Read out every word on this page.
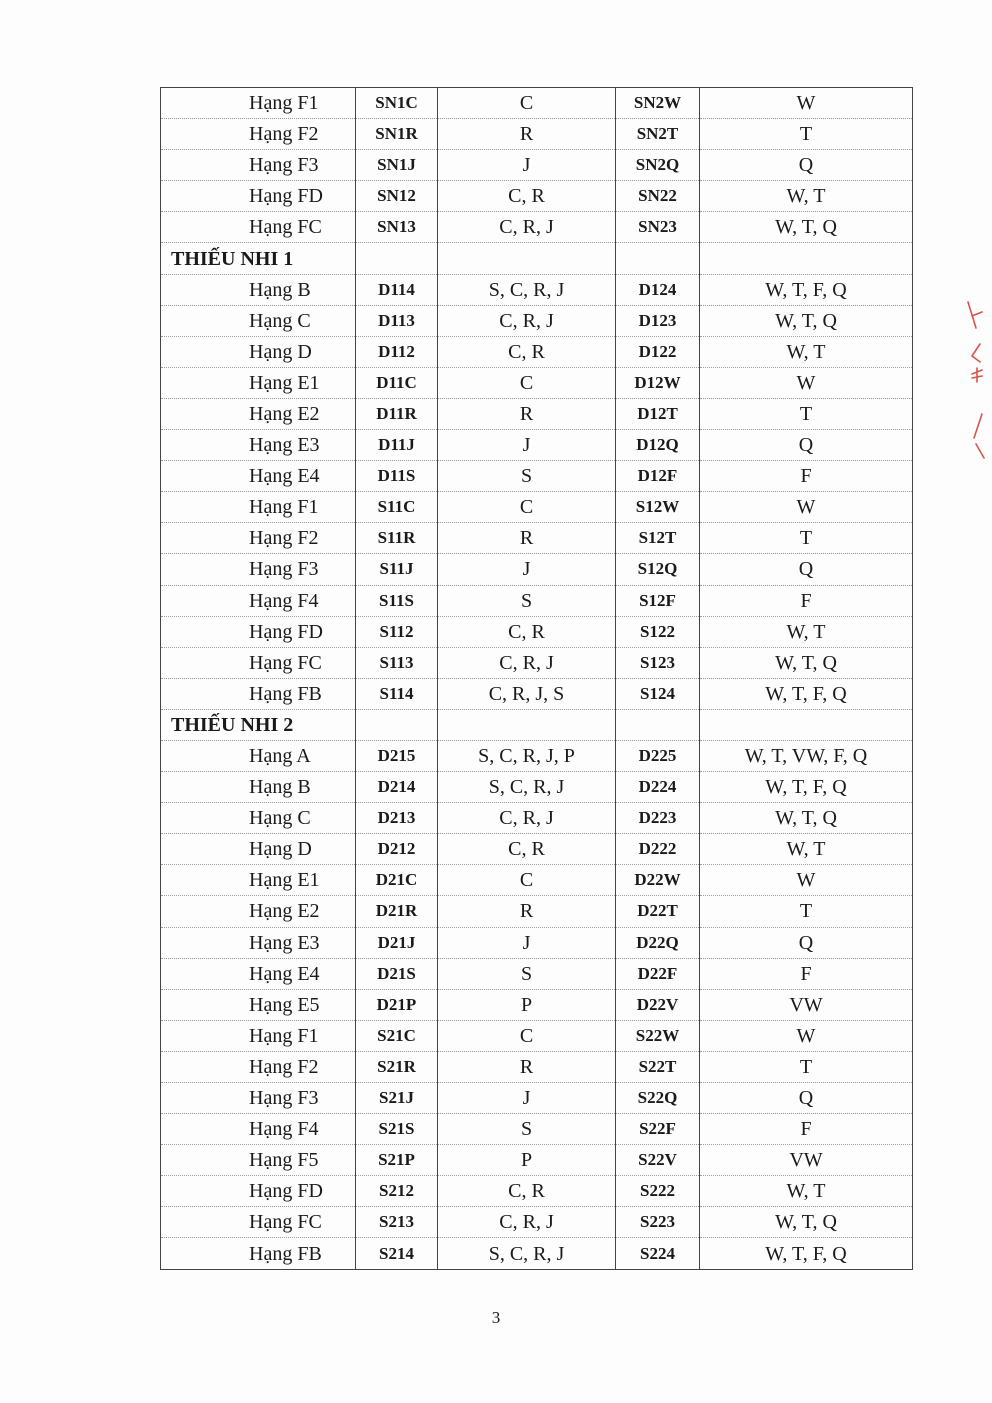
Hạng F1	SN1C	C	SN2W	W
Hạng F2	SN1R	R	SN2T	T
Hạng F3	SN1J	J	SN2Q	Q
Hạng FD	SN12	C, R	SN22	W, T
Hạng FC	SN13	C, R, J	SN23	W, T, Q
THIẾU NHI 1				
Hạng B	D114	S, C, R, J	D124	W, T, F, Q
Hạng C	D113	C, R, J	D123	W, T, Q
Hạng D	D112	C, R	D122	W, T
Hạng E1	D11C	C	D12W	W
Hạng E2	D11R	R	D12T	T
Hạng E3	D11J	J	D12Q	Q
Hạng E4	D11S	S	D12F	F
Hạng F1	S11C	C	S12W	W
Hạng F2	S11R	R	S12T	T
Hạng F3	S11J	J	S12Q	Q
Hạng F4	S11S	S	S12F	F
Hạng FD	S112	C, R	S122	W, T
Hạng FC	S113	C, R, J	S123	W, T, Q
Hạng FB	S114	C, R, J, S	S124	W, T, F, Q
THIẾU NHI 2				
Hạng A	D215	S, C, R, J, P	D225	W, T, VW, F, Q
Hạng B	D214	S, C, R, J	D224	W, T, F, Q
Hạng C	D213	C, R, J	D223	W, T, Q
Hạng D	D212	C, R	D222	W, T
Hạng E1	D21C	C	D22W	W
Hạng E2	D21R	R	D22T	T
Hạng E3	D21J	J	D22Q	Q
Hạng E4	D21S	S	D22F	F
Hạng E5	D21P	P	D22V	VW
Hạng F1	S21C	C	S22W	W
Hạng F2	S21R	R	S22T	T
Hạng F3	S21J	J	S22Q	Q
Hạng F4	S21S	S	S22F	F
Hạng F5	S21P	P	S22V	VW
Hạng FD	S212	C, R	S222	W, T
Hạng FC	S213	C, R, J	S223	W, T, Q
Hạng FB	S214	S, C, R, J	S224	W, T, F, Q
3
